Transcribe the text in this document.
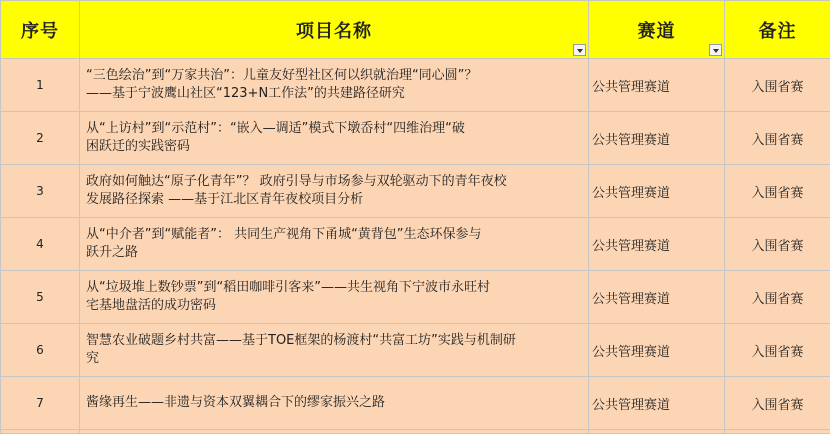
序号	项目名称	赛道	备注
1	“三色绘治”到“万家共治”：儿童友好型社区何以织就治理“同心圆”？
——基于宁波鹰山社区“123+N工作法”的共建路径研究	公共管理赛道	入围省赛
2	从“上访村”到“示范村”：“嵌入—调适”模式下墩岙村“四维治理“破
困跃迁的实践密码	公共管理赛道	入围省赛
3	政府如何触达“原子化青年”？ 政府引导与市场参与双轮驱动下的青年夜校
发展路径探索 ——基于江北区青年夜校项目分析	公共管理赛道	入围省赛
4	从“中介者”到“赋能者”： 共同生产视角下甬城“黄背包”生态环保参与
跃升之路	公共管理赛道	入围省赛
5	从“垃圾堆上数钞票”到“稻田咖啡引客来”——共生视角下宁波市永旺村
宅基地盘活的成功密码	公共管理赛道	入围省赛
6	智慧农业破题乡村共富——基于TOE框架的杨渡村“共富工坊”实践与机制研
究	公共管理赛道	入围省赛
7	酱缘再生——非遗与资本双翼耦合下的缪家振兴之路	公共管理赛道	入围省赛
